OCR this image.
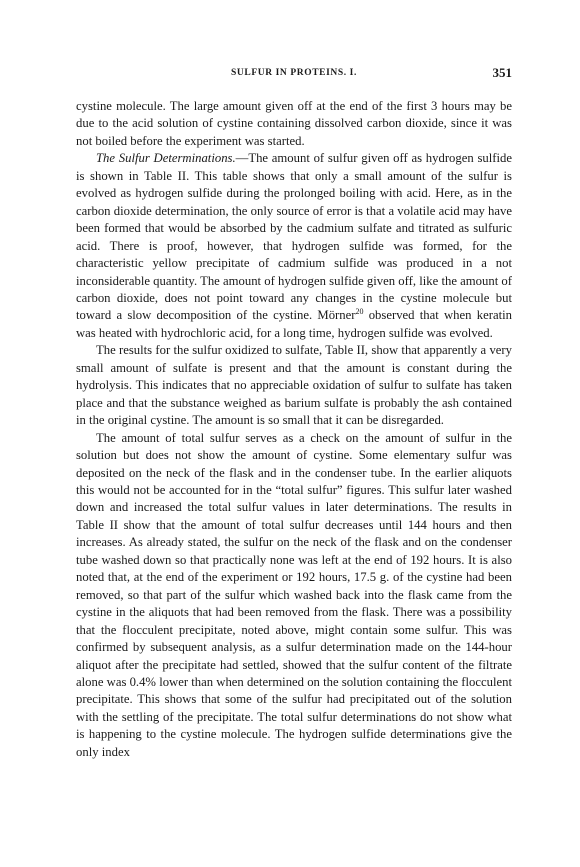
SULFUR IN PROTEINS. I.	351

cystine molecule. The large amount given off at the end of the first 3 hours may be due to the acid solution of cystine containing dissolved carbon dioxide, since it was not boiled before the experiment was started.

The Sulfur Determinations.—The amount of sulfur given off as hydrogen sulfide is shown in Table II. This table shows that only a small amount of the sulfur is evolved as hydrogen sulfide during the prolonged boiling with acid. Here, as in the carbon dioxide determination, the only source of error is that a volatile acid may have been formed that would be absorbed by the cadmium sulfate and titrated as sulfuric acid. There is proof, however, that hydrogen sulfide was formed, for the characteristic yellow precipitate of cadmium sulfide was produced in a not inconsiderable quantity. The amount of hydrogen sulfide given off, like the amount of carbon dioxide, does not point toward any changes in the cystine molecule but toward a slow decomposition of the cystine. Mörner$^{20}$ observed that when keratin was heated with hydrochloric acid, for a long time, hydrogen sulfide was evolved.

The results for the sulfur oxidized to sulfate, Table II, show that apparently a very small amount of sulfate is present and that the amount is constant during the hydrolysis. This indicates that no appreciable oxidation of sulfur to sulfate has taken place and that the substance weighed as barium sulfate is probably the ash contained in the original cystine. The amount is so small that it can be disregarded.

The amount of total sulfur serves as a check on the amount of sulfur in the solution but does not show the amount of cystine. Some elementary sulfur was deposited on the neck of the flask and in the condenser tube. In the earlier aliquots this would not be accounted for in the “total sulfur” figures. This sulfur later washed down and increased the total sulfur values in later determinations. The results in Table II show that the amount of total sulfur decreases until 144 hours and then increases. As already stated, the sulfur on the neck of the flask and on the condenser tube washed down so that practically none was left at the end of 192 hours. It is also noted that, at the end of the experiment or 192 hours, 17.5 g. of the cystine had been removed, so that part of the sulfur which washed back into the flask came from the cystine in the aliquots that had been removed from the flask. There was a possibility that the flocculent precipitate, noted above, might contain some sulfur. This was confirmed by subsequent analysis, as a sulfur determination made on the 144-hour aliquot after the precipitate had settled, showed that the sulfur content of the filtrate alone was 0.4% lower than when determined on the solution containing the flocculent precipitate. This shows that some of the sulfur had precipitated out of the solution with the settling of the precipitate. The total sulfur determinations do not show what is happening to the cystine molecule. The hydrogen sulfide determinations give the only index
